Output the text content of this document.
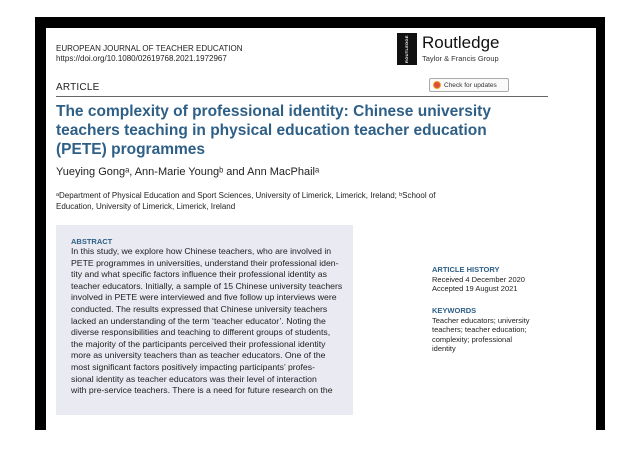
EUROPEAN JOURNAL OF TEACHER EDUCATION
https://doi.org/10.1080/02619768.2021.1972967	ROUTLEDGE Routledge
Taylor & Francis Group
ARTICLE	Check for updates
The complexity of professional identity: Chinese university
teachers teaching in physical education teacher education
(PETE) programmes
Yueying Gongᵃ, Ann-Marie Youngᵇ and Ann MacPhailᵃ
ᵃDepartment of Physical Education and Sport Sciences, University of Limerick, Limerick, Ireland; ᵇSchool of
Education, University of Limerick, Limerick, Ireland
ABSTRACT
In this study, we explore how Chinese teachers, who are involved in
PETE programmes in universities, understand their professional iden-
tity and what specific factors influence their professional identity as
teacher educators. Initially, a sample of 15 Chinese university teachers
involved in PETE were interviewed and five follow up interviews were
conducted. The results expressed that Chinese university teachers
lacked an understanding of the term ‘teacher educator’. Noting the
diverse responsibilities and teaching to different groups of students,
the majority of the participants perceived their professional identity
more as university teachers than as teacher educators. One of the
most significant factors positively impacting participants’ profes-
sional identity as teacher educators was their level of interaction
with pre-service teachers. There is a need for future research on the
ARTICLE HISTORY
Received 4 December 2020
Accepted 19 August 2021
KEYWORDS
Teacher educators; university
teachers; teacher education;
complexity; professional
identity
